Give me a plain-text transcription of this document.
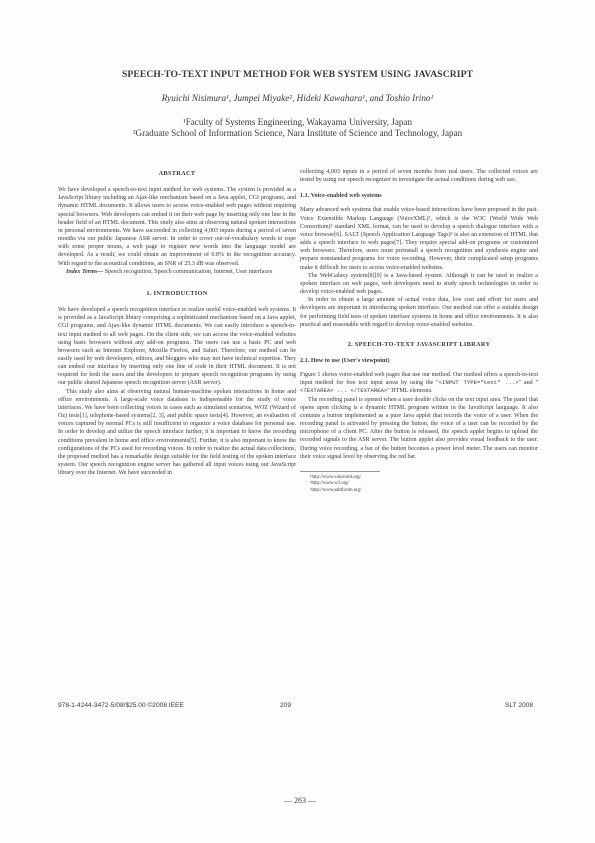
SPEECH-TO-TEXT INPUT METHOD FOR WEB SYSTEM USING JAVASCRIPT
Ryuichi Nisimura¹, Jumpei Miyake², Hideki Kawahara¹, and Toshio Irino¹
¹Faculty of Systems Engineering, Wakayama University, Japan
²Graduate School of Information Science, Nara Institute of Science and Technology, Japan
ABSTRACT

We have developed a speech-to-text input method for web systems. The system is provided as a JavaScript library including an Ajax-like mechanism based on a Java applet, CGI programs, and dynamic HTML documents. It allows users to access voice-enabled web pages without requiring special browsers. Web developers can embed it on their web page by inserting only one line in the header field of an HTML document. This study also aims at observing natural spoken interactions in personal environments. We have succeeded in collecting 4,003 inputs during a period of seven months via our public Japanese ASR server. In order to cover out-of-vocabulary words to cope with some proper nouns, a web page to register new words into the language model are developed. As a result, we could obtain an improvement of 0.8% in the recognition accuracy. With regard to the acoustical conditions, an SNR of 25.3 dB was observed.

Index Terms— Speech recognition, Speech communication, Internet, User interfaces

1. INTRODUCTION

We have developed a speech recognition interface to realize useful voice-enabled web systems. It is provided as a JavaScript library comprising a sophisticated mechanism based on a Java applet, CGI programs, and Ajax-like dynamic HTML documents. We can easily introduce a speech-to-text input method to all web pages. On the client side, we can access the voice-enabled websites using basic browsers without any add-on programs. The users can use a basic PC and web browsers such as Internet Explorer, Mozilla Firefox, and Safari. Therefore, our method can be easily used by web developers, editors, and bloggers who may not have technical expertise. They can embed our interface by inserting only one line of code in their HTML document. It is not required for both the users and the developers to prepare speech recognition programs by using our public shared Japanese speech recognition server (ASR server).

This study also aims at observing natural human-machine spoken interactions in home and office environments. A large-scale voice database is indispensable for the study of voice interfaces. We have been collecting voices in cases such as simulated scenarios, WOZ (Wizard of Oz) tests[1], telephone-based systems[2, 3], and public space tests[4]. However, an evaluation of voices captured by normal PCs is still insufficient to organize a voice database for personal use. In order to develop and utilize the speech interface further, it is important to know the recording conditions prevalent in home and office environments[5]. Further, it is also important to know the configurations of the PCs used for recording voices. In order to realize the actual data collections, the proposed method has a remarkable design suitable for the field testing of the spoken interface system. Our speech recognition engine server has gathered all input voices using our JavaScript library over the Internet. We have succeeded in

collecting 4,003 inputs in a period of seven months from real users. The collected voices are tested by using our speech recognizer to investigate the actual conditions during web use.

1.1. Voice-enabled web systems

Many advanced web systems that enable voice-based interactions have been proposed in the past. Voice Extensible Markup Language (VoiceXML)¹, which is the W3C (World Wide Web Consortium)² standard XML format, can be used to develop a speech dialogue interface with a voice browser[6]. SALT (Speech Application Language Tags)³ is also an extension of HTML that adds a speech interface to web pages[7]. They require special add-on programs or customized web browsers. Therefore, users must preinstall a speech recognition and synthesis engine and prepare nonstandard programs for voice recording. However, their complicated setup programs make it difficult for users to access voice-enabled websites.

The WebGalaxy system[8][9] is a Java-based system. Although it can be used to realize a spoken interface on web pages, web developers need to study speech technologies in order to develop voice-enabled web pages.

In order to obtain a large amount of actual voice data, low cost and effort for users and developers are important in introducing spoken interface. Our method can offer a suitable design for performing field tests of spoken interface systems in home and office environments. It is also practical and reasonable with regard to develop voice-enabled websites.

2. SPEECH-TO-TEXT JAVASCRIPT LIBRARY
2.1. How to use (User's viewpoint)

Figure 1 shows voice-enabled web pages that use our method. Our method offers a speech-to-text input method for free text input areas by using the "<INPUT TYPE="text" ...>" and "<TEXTAREA> ... </TEXTAREA>" HTML elements.

The recording panel is opened when a user double clicks on the text input area. The panel that opens upon clicking is a dynamic HTML program written in the JavaScript language. It also contains a button implemented as a pure Java applet that records the voice of a user. When the recording panel is activated by pressing the button, the voice of a user can be recorded by the microphone of a client PC. After the button is released, the speech applet begins to upload the recorded signals to the ASR server. The button applet also provides visual feedback to the user. During voice recording, a bar of the button becomes a power level meter. The users can monitor their voice signal level by observing the red bar.

¹http://www.voicexml.org/
²http://www.w3.org/
³http://www.saltforum.org/
978-1-4244-3472-5/08/$25.00 ©2008 IEEE	209	SLT 2008
— 263 —
